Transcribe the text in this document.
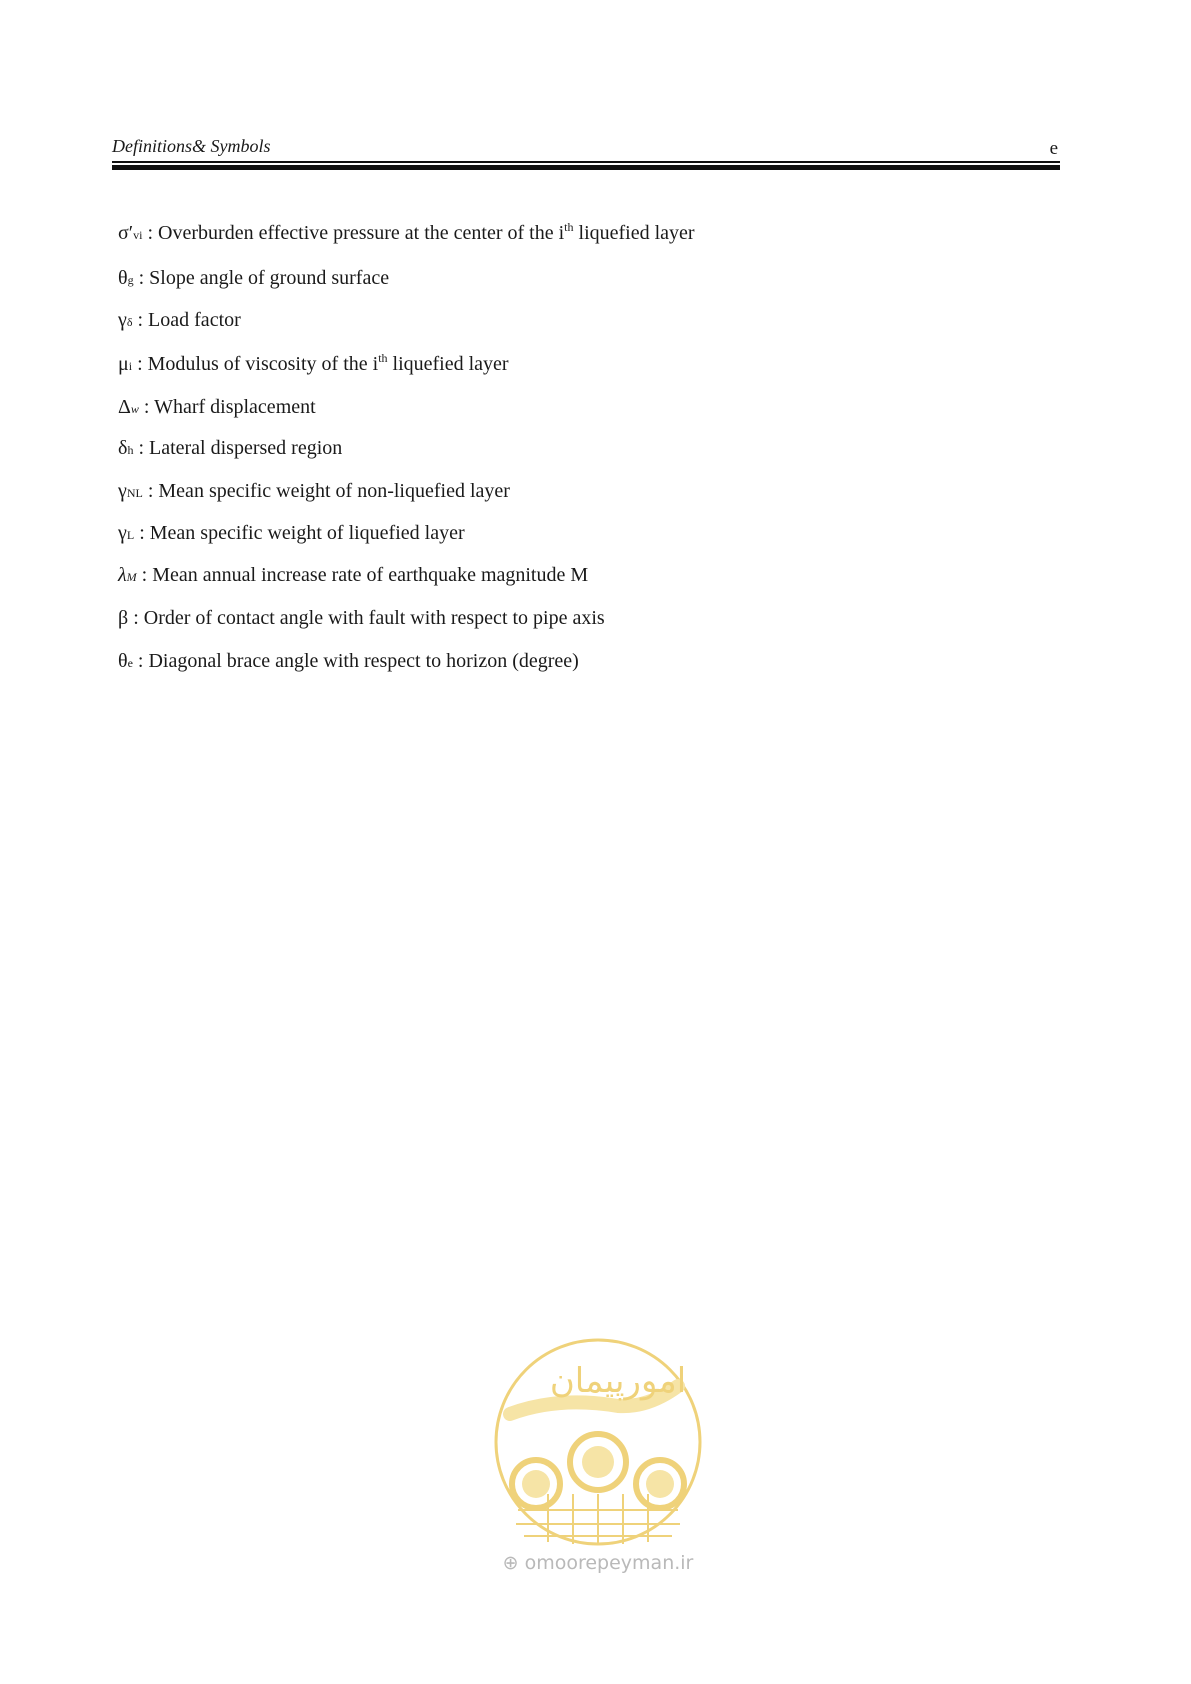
Definitions& Symbols	e
σ′vi : Overburden effective pressure at the center of the $i^{th}$ liquefied layer
θg : Slope angle of ground surface
γδ : Load factor
μi : Modulus of viscosity of the $i^{th}$ liquefied layer
Δw : Wharf displacement
δh : Lateral dispersed region
γNL : Mean specific weight of non-liquefied layer
γL : Mean specific weight of liquefied layer
λM : Mean annual increase rate of earthquake magnitude M
β : Order of contact angle with fault with respect to pipe axis
θe : Diagonal brace angle with respect to horizon (degree)
امورپیمان
⊕ omoorepeyman.ir
